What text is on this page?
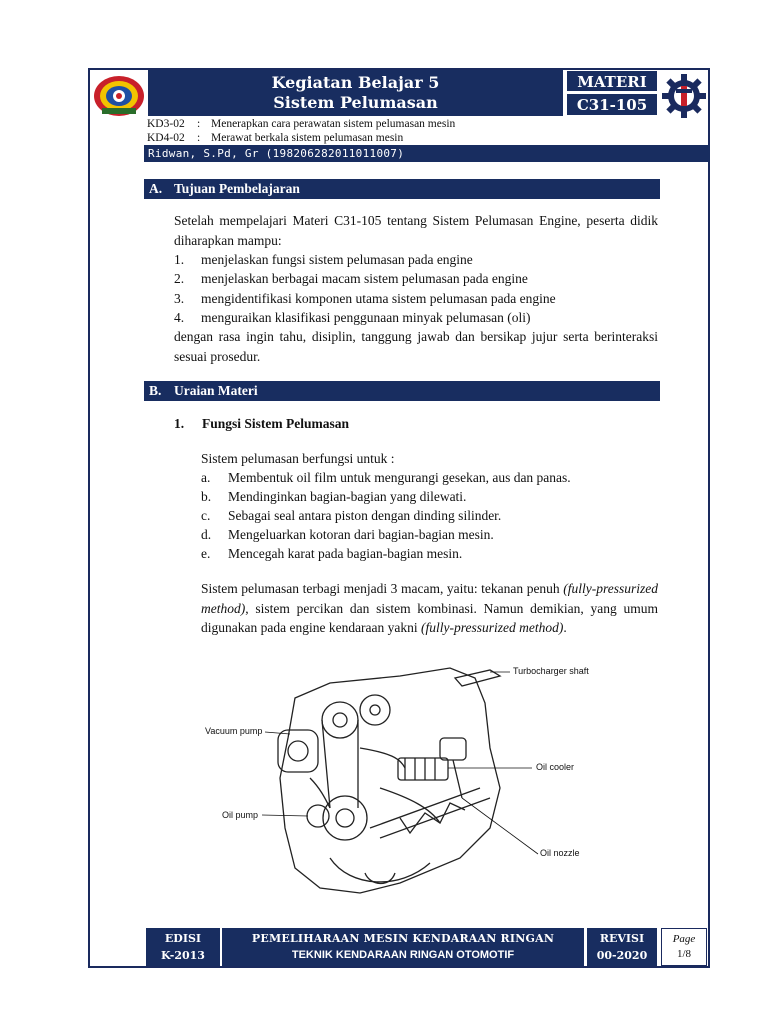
Kegiatan Belajar 5
Sistem Pelumasan
MATERI
C31-105
KD3-02 : Menerapkan cara perawatan sistem pelumasan mesin
KD4-02 : Merawat berkala sistem pelumasan mesin
Ridwan, S.Pd, Gr (198206282011011007)
A. Tujuan Pembelajaran
Setelah mempelajari Materi C31-105 tentang Sistem Pelumasan Engine, peserta didik diharapkan mampu:
1. menjelaskan fungsi sistem pelumasan pada engine
2. menjelaskan berbagai macam sistem pelumasan pada engine
3. mengidentifikasi komponen utama sistem pelumasan pada engine
4. menguraikan klasifikasi penggunaan minyak pelumasan (oli)
dengan rasa ingin tahu, disiplin, tanggung jawab dan bersikap jujur serta berinteraksi sesuai prosedur.
B. Uraian Materi
1. Fungsi Sistem Pelumasan
Sistem pelumasan berfungsi untuk :
a. Membentuk oil film untuk mengurangi gesekan, aus dan panas.
b. Mendinginkan bagian-bagian yang dilewati.
c. Sebagai seal antara piston dengan dinding silinder.
d. Mengeluarkan kotoran dari bagian-bagian mesin.
e. Mencegah karat pada bagian-bagian mesin.
Sistem pelumasan terbagi menjadi 3 macam, yaitu: tekanan penuh (fully-pressurized method), sistem percikan dan sistem kombinasi. Namun demikian, yang umum digunakan pada engine kendaraan yakni (fully-pressurized method).
Turbocharger shaft
Vacuum pump
Oil cooler
Oil pump
Oil nozzle
EDISI
K-2013
PEMELIHARAAN MESIN KENDARAAN RINGAN
TEKNIK KENDARAAN RINGAN OTOMOTIF
REVISI
00-2020
Page
1/8
